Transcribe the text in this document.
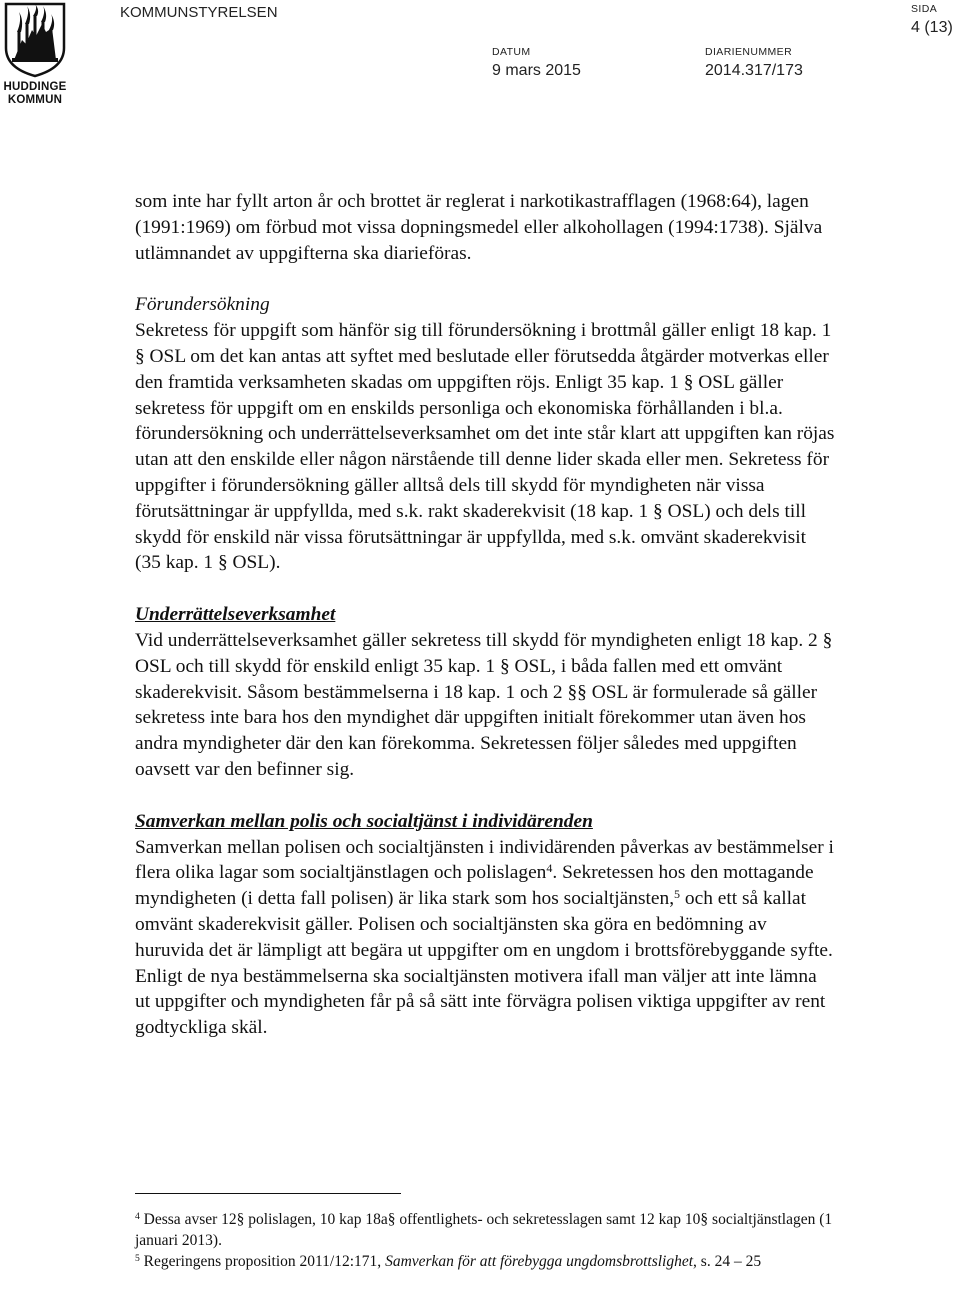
HUDDINGE
KOMMUN
KOMMUNSTYRELSEN
DATUM
9 mars 2015
DIARIENUMMER
2014.317/173
SIDA
4 (13)

som inte har fyllt arton år och brottet är reglerat i narkotikastrafflagen (1968:64), lagen (1991:1969) om förbud mot vissa dopningsmedel eller alkohollagen (1994:1738). Själva utlämnandet av uppgifterna ska diarieföras.

Förundersökning

Sekretess för uppgift som hänför sig till förundersökning i brottmål gäller enligt 18 kap. 1 § OSL om det kan antas att syftet med beslutade eller förutsedda åtgärder motverkas eller den framtida verksamheten skadas om uppgiften röjs. Enligt 35 kap. 1 § OSL gäller sekretess för uppgift om en enskilds personliga och ekonomiska förhållanden i bl.a. förundersökning och underrättelseverksamhet om det inte står klart att uppgiften kan röjas utan att den enskilde eller någon närstående till denne lider skada eller men. Sekretess för uppgifter i förundersökning gäller alltså dels till skydd för myndigheten när vissa förutsättningar är uppfyllda, med s.k. rakt skaderekvisit (18 kap. 1 § OSL) och dels till skydd för enskild när vissa förutsättningar är uppfyllda, med s.k. omvänt skaderekvisit (35 kap. 1 § OSL).

Underrättelseverksamhet

Vid underrättelseverksamhet gäller sekretess till skydd för myndigheten enligt 18 kap. 2 § OSL och till skydd för enskild enligt 35 kap. 1 § OSL, i båda fallen med ett omvänt skaderekvisit. Såsom bestämmelserna i 18 kap. 1 och 2 §§ OSL är formulerade så gäller sekretess inte bara hos den myndighet där uppgiften initialt förekommer utan även hos andra myndigheter där den kan förekomma. Sekretessen följer således med uppgiften oavsett var den befinner sig.

Samverkan mellan polis och socialtjänst i individärenden

Samverkan mellan polisen och socialtjänsten i individärenden påverkas av bestämmelser i flera olika lagar som socialtjänstlagen och polislagen$^4$. Sekretessen hos den mottagande myndigheten (i detta fall polisen) är lika stark som hos socialtjänsten,$^5$ och ett så kallat omvänt skaderekvisit gäller. Polisen och socialtjänsten ska göra en bedömning av huruvida det är lämpligt att begära ut uppgifter om en ungdom i brottsförebyggande syfte. Enligt de nya bestämmelserna ska socialtjänsten motivera ifall man väljer att inte lämna ut uppgifter och myndigheten får på så sätt inte förvägra polisen viktiga uppgifter av rent godtyckliga skäl.

$^4$ Dessa avser 12§ polislagen, 10 kap 18a§ offentlighets- och sekretesslagen samt 12 kap 10§ socialtjänstlagen (1 januari 2013).

$^5$ Regeringens proposition 2011/12:171, Samverkan för att förebygga ungdomsbrottslighet, s. 24 – 25
